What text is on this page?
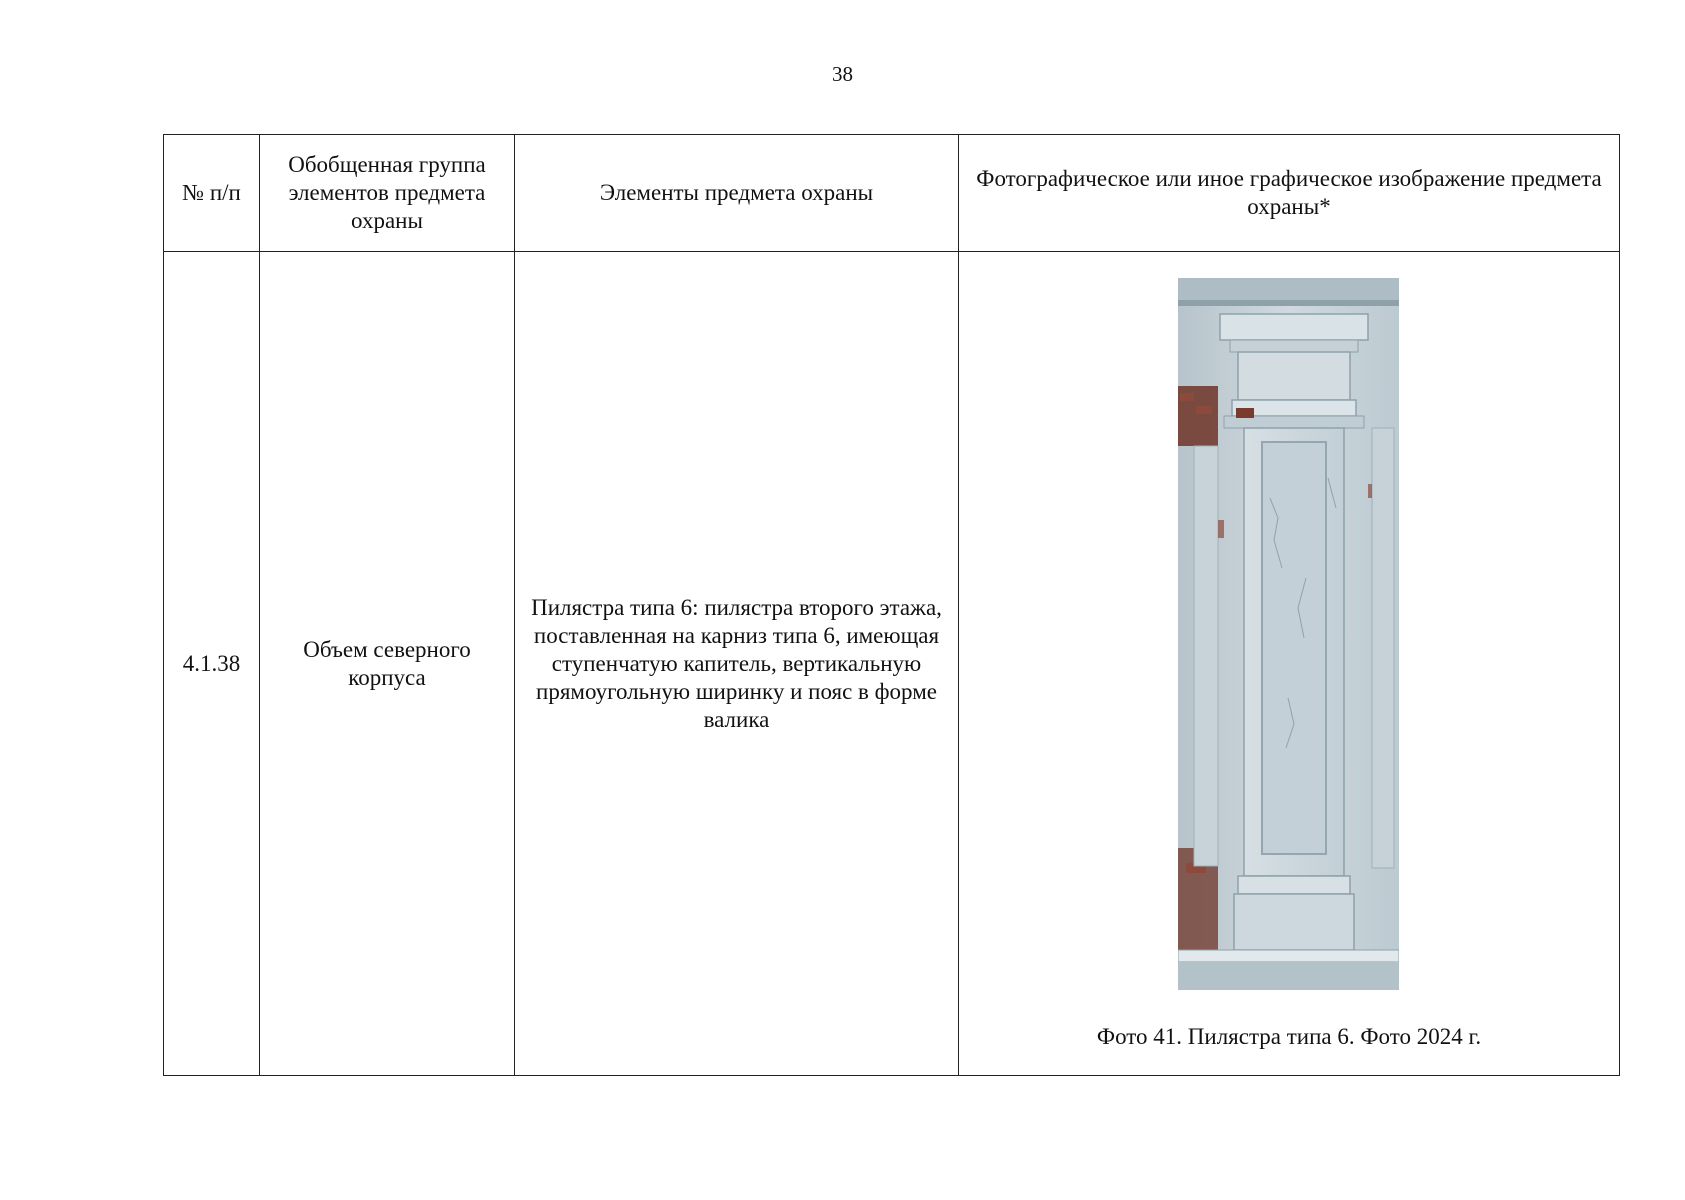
38
№ п/п	Обобщенная группа элементов предмета охраны	Элементы предмета охраны	Фотографическое или иное графическое изображение предмета охраны*
4.1.38	Объем северного корпуса	Пилястра типа 6: пилястра второго этажа, поставленная на карниз типа 6, имеющая ступенчатую капитель, вертикальную прямоугольную ширинку и пояс в форме валика	Фото 41. Пилястра типа 6. Фото 2024 г.
